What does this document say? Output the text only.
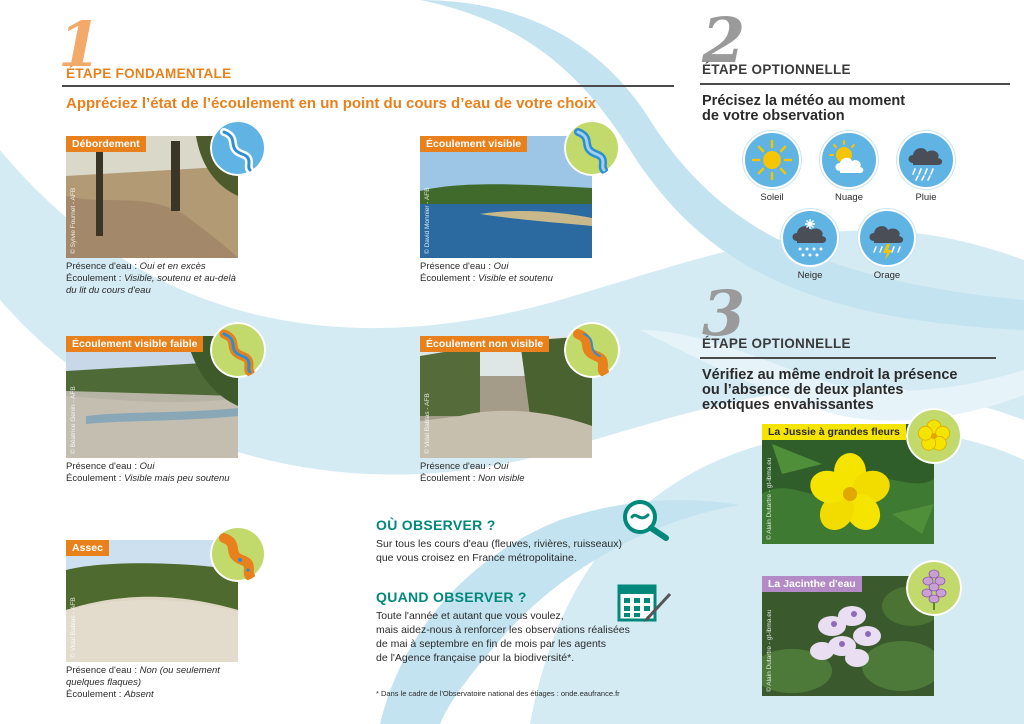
1
ÉTAPE FONDAMENTALE
Appréciez l’état de l’écoulement en un point du cours d’eau de votre choix
Débordement
© Sylvie Fournet - AFB
Présence d'eau : Oui et en excès
Écoulement : Visible, soutenu et au-delà du lit du cours d'eau
Écoulement visible
© David Monnier - AFB
Présence d'eau : Oui
Écoulement : Visible et soutenu
Écoulement visible faible
© Béatrice Genin - AFB
Présence d'eau : Oui
Écoulement : Visible mais peu soutenu
Écoulement non visible
© Vidal Bablas - AFB
Présence d'eau : Oui
Écoulement : Non visible
Assec
© Vidal Bablas - AFB
Présence d'eau : Non (ou seulement quelques flaques)
Écoulement : Absent
OÙ OBSERVER ?
Sur tous les cours d'eau (fleuves, rivières, ruisseaux)
que vous croisez en France métropolitaine.
QUAND OBSERVER ?
Toute l'année et autant que vous voulez,
mais aidez-nous à renforcer les observations réalisées
de mai à septembre en fin de mois par les agents
de l'Agence française pour la biodiversité*.
* Dans le cadre de l'Observatoire national des étiages : onde.eaufrance.fr
2
ÉTAPE OPTIONNELLE
Précisez la météo au moment
de votre observation
Soleil	Nuage	Pluie
Neige	Orage
3
ÉTAPE OPTIONNELLE
Vérifiez au même endroit la présence
ou l’absence de deux plantes
exotiques envahissantes
La Jussie à grandes fleurs
© Alain Dutartre - gt-ibma.eu
La Jacinthe d'eau
© Alain Dutartre - gt-ibma.eu
